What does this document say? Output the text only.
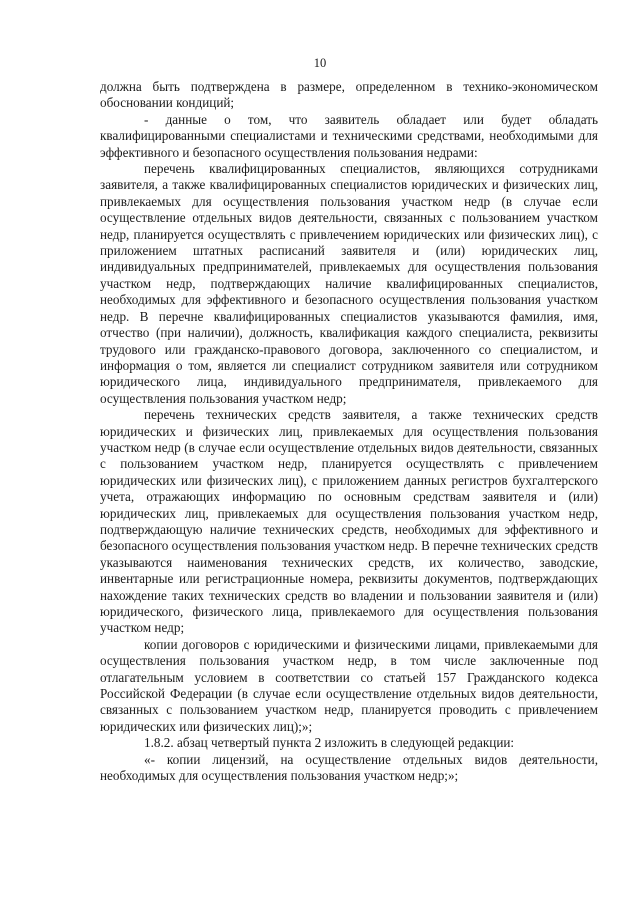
10

должна быть подтверждена в размере, определенном в технико-экономическом обосновании кондиций;

- данные о том, что заявитель обладает или будет обладать квалифицированными специалистами и техническими средствами, необходимыми для эффективного и безопасного осуществления пользования недрами:

перечень квалифицированных специалистов, являющихся сотрудниками заявителя, а также квалифицированных специалистов юридических и физических лиц, привлекаемых для осуществления пользования участком недр (в случае если осуществление отдельных видов деятельности, связанных с пользованием участком недр, планируется осуществлять с привлечением юридических или физических лиц), с приложением штатных расписаний заявителя и (или) юридических лиц, индивидуальных предпринимателей, привлекаемых для осуществления пользования участком недр, подтверждающих наличие квалифицированных специалистов, необходимых для эффективного и безопасного осуществления пользования участком недр. В перечне квалифицированных специалистов указываются фамилия, имя, отчество (при наличии), должность, квалификация каждого специалиста, реквизиты трудового или гражданско-правового договора, заключенного со специалистом, и информация о том, является ли специалист сотрудником заявителя или сотрудником юридического лица, индивидуального предпринимателя, привлекаемого для осуществления пользования участком недр;

перечень технических средств заявителя, а также технических средств юридических и физических лиц, привлекаемых для осуществления пользования участком недр (в случае если осуществление отдельных видов деятельности, связанных с пользованием участком недр, планируется осуществлять с привлечением юридических или физических лиц), с приложением данных регистров бухгалтерского учета, отражающих информацию по основным средствам заявителя и (или) юридических лиц, привлекаемых для осуществления пользования участком недр, подтверждающую наличие технических средств, необходимых для эффективного и безопасного осуществления пользования участком недр. В перечне технических средств указываются наименования технических средств, их количество, заводские, инвентарные или регистрационные номера, реквизиты документов, подтверждающих нахождение таких технических средств во владении и пользовании заявителя и (или) юридического, физического лица, привлекаемого для осуществления пользования участком недр;

копии договоров с юридическими и физическими лицами, привлекаемыми для осуществления пользования участком недр, в том числе заключенные под отлагательным условием в соответствии со статьей 157 Гражданского кодекса Российской Федерации (в случае если осуществление отдельных видов деятельности, связанных с пользованием участком недр, планируется проводить с привлечением юридических или физических лиц);»;

1.8.2. абзац четвертый пункта 2 изложить в следующей редакции:

«- копии лицензий, на осуществление отдельных видов деятельности, необходимых для осуществления пользования участком недр;»;
